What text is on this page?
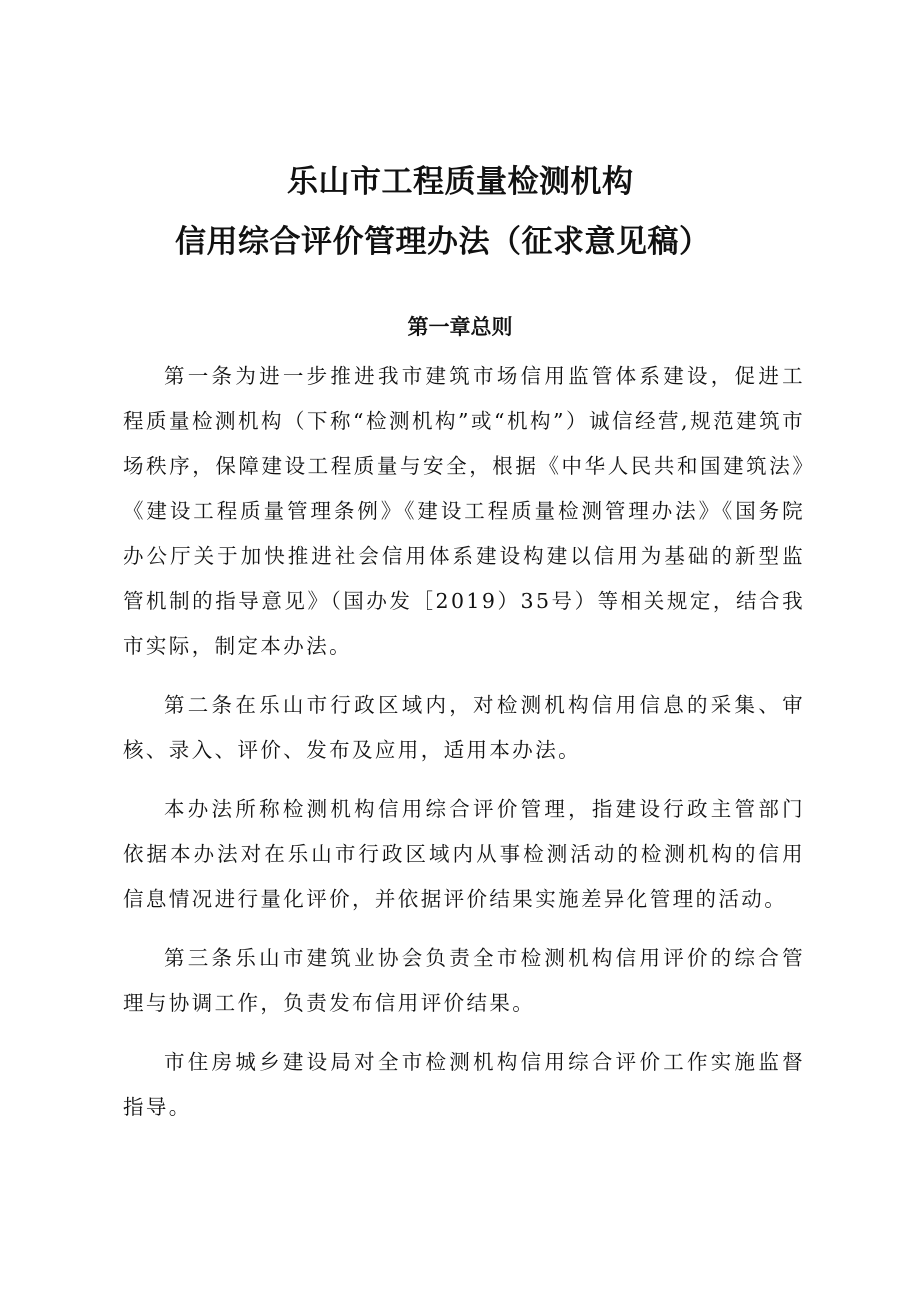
乐山市工程质量检测机构
信用综合评价管理办法（征求意见稿）
第一章总则

第一条为进一步推进我市建筑市场信用监管体系建设，促进工程质量检测机构（下称“检测机构”或“机构”）诚信经营,规范建筑市场秩序，保障建设工程质量与安全，根据《中华人民共和国建筑法》《建设工程质量管理条例》《建设工程质量检测管理办法》《国务院办公厅关于加快推进社会信用体系建设构建以信用为基础的新型监管机制的指导意见》（国办发［2019）35号）等相关规定，结合我市实际，制定本办法。

第二条在乐山市行政区域内，对检测机构信用信息的采集、审核、录入、评价、发布及应用，适用本办法。

本办法所称检测机构信用综合评价管理，指建设行政主管部门依据本办法对在乐山市行政区域内从事检测活动的检测机构的信用信息情况进行量化评价，并依据评价结果实施差异化管理的活动。

第三条乐山市建筑业协会负责全市检测机构信用评价的综合管理与协调工作，负责发布信用评价结果。

市住房城乡建设局对全市检测机构信用综合评价工作实施监督指导。
